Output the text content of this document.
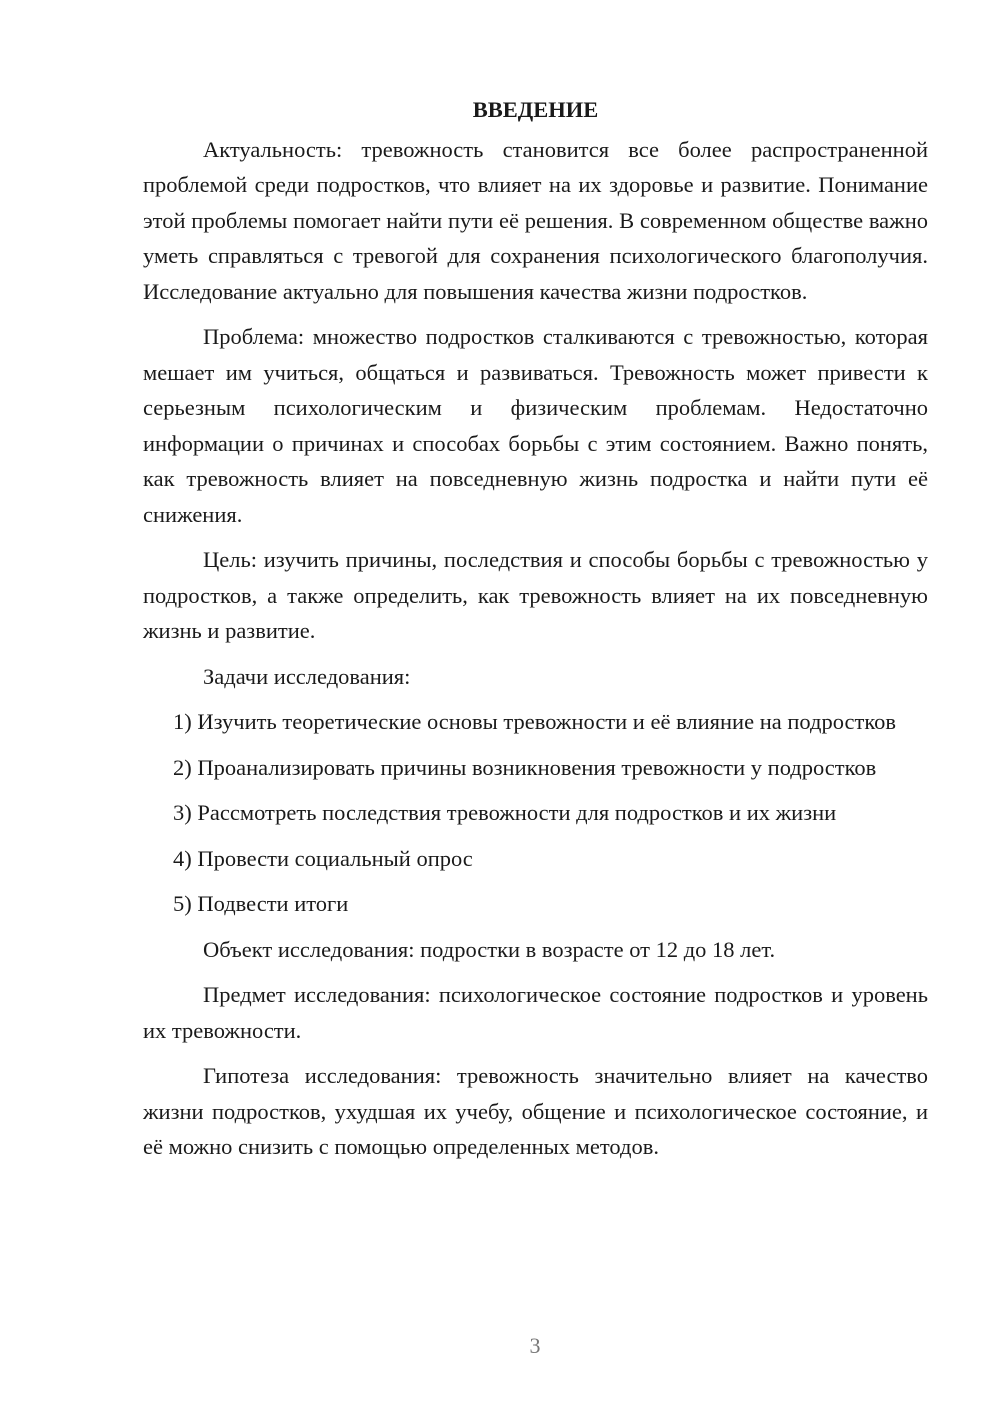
ВВЕДЕНИЕ

Актуальность: тревожность становится все более распространенной проблемой среди подростков, что влияет на их здоровье и развитие. Понимание этой проблемы помогает найти пути её решения. В современном обществе важно уметь справляться с тревогой для сохранения психологического благополучия. Исследование актуально для повышения качества жизни подростков.

Проблема: множество подростков сталкиваются с тревожностью, которая мешает им учиться, общаться и развиваться. Тревожность может привести к серьезным психологическим и физическим проблемам. Недостаточно информации о причинах и способах борьбы с этим состоянием. Важно понять, как тревожность влияет на повседневную жизнь подростка и найти пути её снижения.

Цель: изучить причины, последствия и способы борьбы с тревожностью у подростков, а также определить, как тревожность влияет на их повседневную жизнь и развитие.

Задачи исследования:

1) Изучить теоретические основы тревожности и её влияние на подростков

2) Проанализировать причины возникновения тревожности у подростков

3) Рассмотреть последствия тревожности для подростков и их жизни

4) Провести социальный опрос

5) Подвести итоги

Объект исследования: подростки в возрасте от 12 до 18 лет.

Предмет исследования: психологическое состояние подростков и уровень их тревожности.

Гипотеза исследования: тревожность значительно влияет на качество жизни подростков, ухудшая их учебу, общение и психологическое состояние, и её можно снизить с помощью определенных методов.

3
